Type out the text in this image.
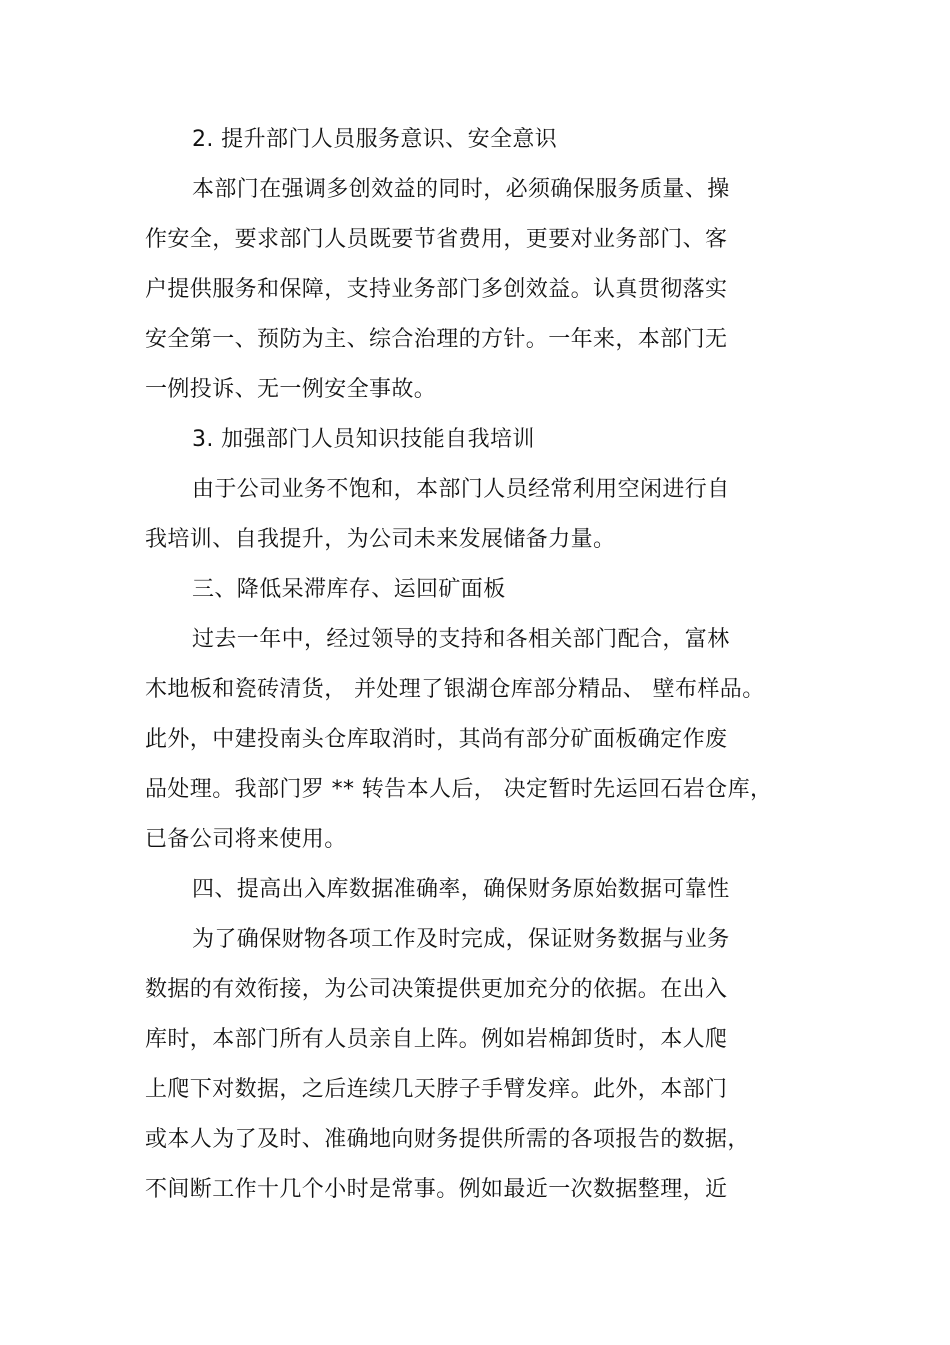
2. 提升部门人员服务意识、安全意识
本部门在强调多创效益的同时，必须确保服务质量、操
作安全，要求部门人员既要节省费用，更要对业务部门、客
户提供服务和保障，支持业务部门多创效益。认真贯彻落实
安全第一、预防为主、综合治理的方针。一年来，本部门无
一例投诉、无一例安全事故。
3. 加强部门人员知识技能自我培训
由于公司业务不饱和，本部门人员经常利用空闲进行自
我培训、自我提升，为公司未来发展储备力量。
三、降低呆滞库存、运回矿面板
过去一年中，经过领导的支持和各相关部门配合，富林
木地板和瓷砖清货， 并处理了银湖仓库部分精品、 壁布样品。
此外，中建投南头仓库取消时，其尚有部分矿面板确定作废
品处理。我部门罗 ** 转告本人后， 决定暂时先运回石岩仓库，
已备公司将来使用。
四、提高出入库数据准确率，确保财务原始数据可靠性
为了确保财物各项工作及时完成，保证财务数据与业务
数据的有效衔接，为公司决策提供更加充分的依据。在出入
库时，本部门所有人员亲自上阵。例如岩棉卸货时，本人爬
上爬下对数据，之后连续几天脖子手臂发痒。此外，本部门
或本人为了及时、准确地向财务提供所需的各项报告的数据，
不间断工作十几个小时是常事。例如最近一次数据整理，近
